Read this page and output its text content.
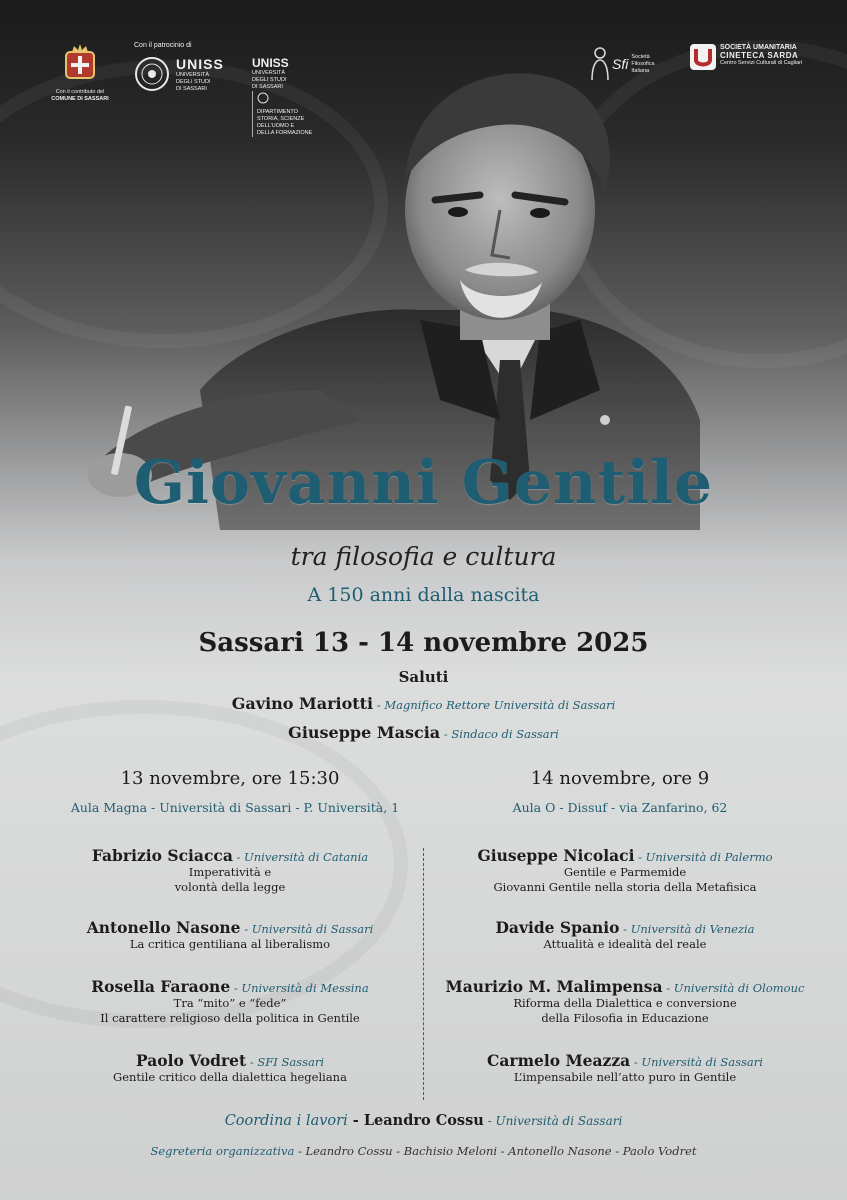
Con il contributo del
COMUNE DI SASSARI
Con il patrocinio di
UNISS
UNIVERSITÀ
DEGLI STUDI
DI SASSARI
UNISS
UNIVERSITÀ
DEGLI STUDI
DI SASSARI
DIPARTIMENTO
STORIA, SCIENZE
DELL'UOMO E
DELLA FORMAZIONE
Sfi Società
Filosofica
Italiana
SOCIETÀ UMANITARIA
CINETECA SARDA
Centro Servizi Culturali di Cagliari
Giovanni Gentile
tra filosofia e cultura
A 150 anni dalla nascita
Sassari 13 - 14 novembre 2025
Saluti
Gavino Mariotti - Magnifico Rettore Università di Sassari
Giuseppe Mascia - Sindaco di Sassari
13 novembre, ore 15:30
Aula Magna - Università di Sassari - P. Università, 1
14 novembre, ore 9
Aula O - Dissuf - via Zanfarino, 62
Fabrizio Sciacca - Università di Catania
Imperatività e
volontà della legge
Antonello Nasone - Università di Sassari
La critica gentiliana al liberalismo
Rosella Faraone - Università di Messina
Tra “mito” e “fede”
Il carattere religioso della politica in Gentile
Paolo Vodret - SFI Sassari
Gentile critico della dialettica hegeliana
Giuseppe Nicolaci - Università di Palermo
Gentile e Parmemide
Giovanni Gentile nella storia della Metafisica
Davide Spanio - Università di Venezia
Attualità e idealità del reale
Maurizio M. Malimpensa - Università di Olomouc
Riforma della Dialettica e conversione
della Filosofia in Educazione
Carmelo Meazza - Università di Sassari
L’impensabile nell’atto puro in Gentile
Coordina i lavori - Leandro Cossu - Università di Sassari
Segreteria organizzativa - Leandro Cossu - Bachisio Meloni - Antonello Nasone - Paolo Vodret
